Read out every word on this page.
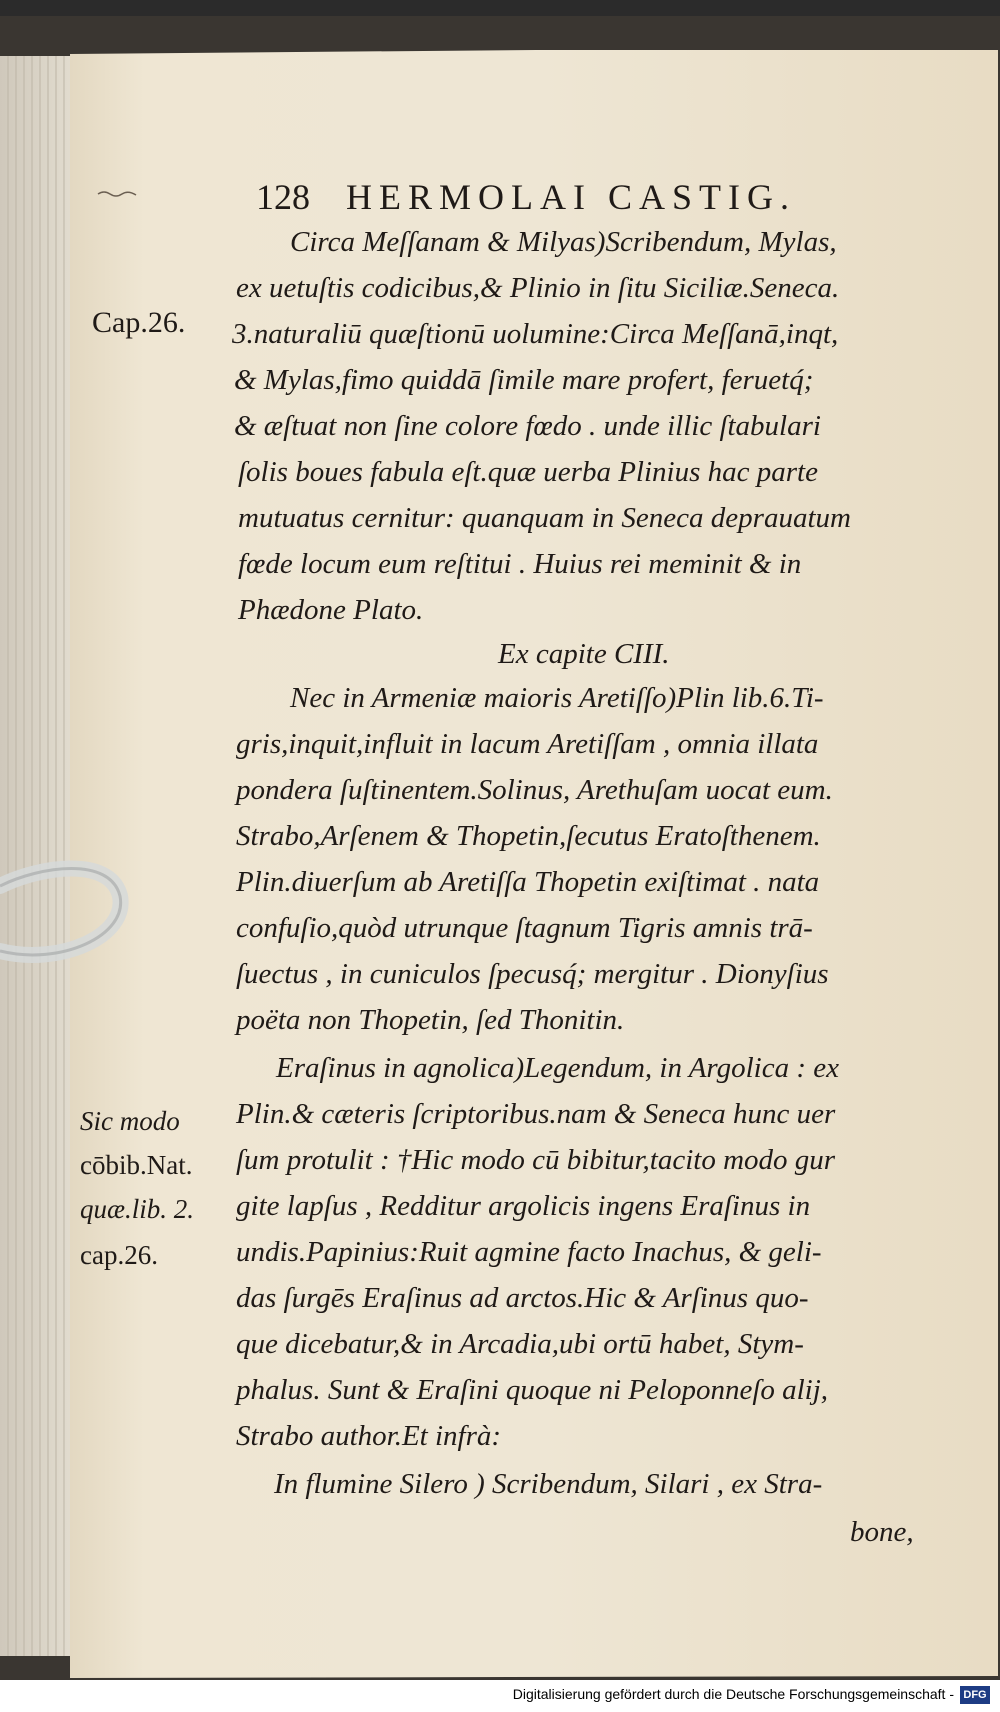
128 HERMOLAI CASTIG.
Cap.26.
Sic modo
cōbib.Nat.
quæ.lib. 2.
cap.26.
Circa Meſſanam & Milyas)Scribendum, Mylas,
ex uetuſtis codicibus,& Plinio in ſitu Siciliæ.Seneca.
3.naturaliū quæſtionū uolumine:Circa Meſſanā,inqt,
& Mylas,fimo quiddā ſimile mare profert, feruetq́;
& æſtuat non ſine colore fœdo . unde illic ſtabulari
ſolis boues fabula eſt.quæ uerba Plinius hac parte
mutuatus cernitur: quanquam in Seneca deprauatum
fœde locum eum reſtitui . Huius rei meminit & in
Phædone Plato.
Ex capite CIII.
Nec in Armeniæ maioris Aretiſſo)Plin lib.6.Ti-
gris,inquit,influit in lacum Aretiſſam , omnia illata
pondera ſuſtinentem.Solinus, Arethuſam uocat eum.
Strabo,Arſenem & Thopetin,ſecutus Eratoſthenem.
Plin.diuerſum ab Aretiſſa Thopetin exiſtimat . nata
confuſio,quòd utrunque ſtagnum Tigris amnis trā-
ſuectus , in cuniculos ſpecusq́; mergitur . Dionyſius
poëta non Thopetin, ſed Thonitin.
Eraſinus in agnolica)Legendum, in Argolica : ex
Plin.& cæteris ſcriptoribus.nam & Seneca hunc uer
ſum protulit : †Hic modo cū bibitur,tacito modo gur
gite lapſus , Redditur argolicis ingens Eraſinus in
undis.Papinius:Ruit agmine facto Inachus, & geli-
das ſurgēs Eraſinus ad arctos.Hic & Arſinus quo-
que dicebatur,& in Arcadia,ubi ortū habet, Stym-
phalus. Sunt & Eraſini quoque ni Peloponneſo alij,
Strabo author.Et infrà:
In flumine Silero ) Scribendum, Silari , ex Stra-
bone,
Digitalisierung gefördert durch die Deutsche Forschungsgemeinschaft - DFG
